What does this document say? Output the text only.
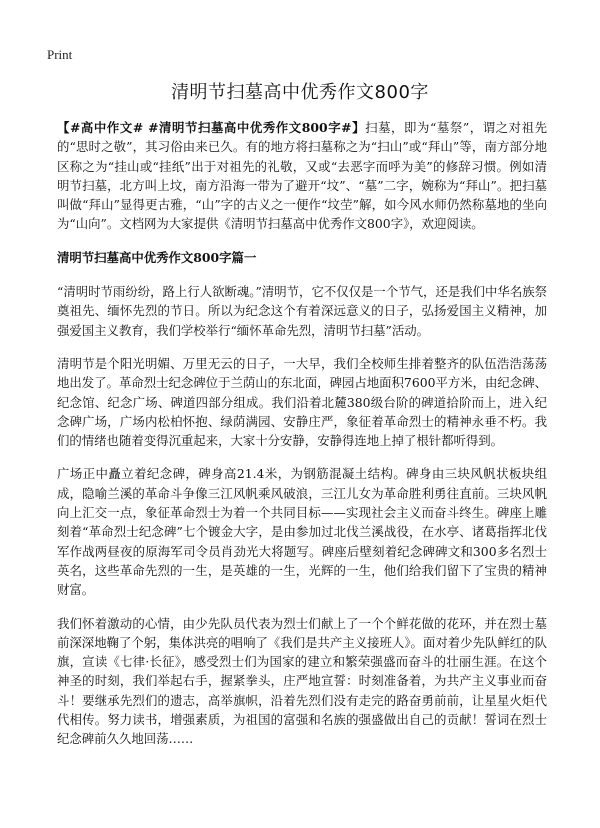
Print
清明节扫墓高中优秀作文800字

【#高中作文# #清明节扫墓高中优秀作文800字#】扫墓，即为“墓祭”，谓之对祖先的“思时之敬”，其习俗由来已久。有的地方将扫墓称之为“扫山”或“拜山”等，南方部分地区称之为“挂山或“挂纸”出于对祖先的礼敬，又或“去恶字而呼为美”的修辞习惯。例如清明节扫墓，北方叫上坟，南方沿海一带为了避开“坟”、“墓”二字，婉称为“拜山”。把扫墓叫做“拜山”显得更古雅，“山”字的古义之一便作“坟茔”解，如今风水师仍然称墓地的坐向为“山向”。文档网为大家提供《清明节扫墓高中优秀作文800字》，欢迎阅读。

清明节扫墓高中优秀作文800字篇一

“清明时节雨纷纷，路上行人欲断魂。”清明节，它不仅仅是一个节气，还是我们中华名族祭奠祖先、缅怀先烈的节日。所以为纪念这个有着深远意义的日子，弘扬爱国主义精神，加强爱国主义教育，我们学校举行“缅怀革命先烈，清明节扫墓”活动。

清明节是个阳光明媚、万里无云的日子，一大早，我们全校师生排着整齐的队伍浩浩荡荡地出发了。革命烈士纪念碑位于兰荫山的东北面，碑园占地面积7600平方米，由纪念碑、纪念馆、纪念广场、碑道四部分组成。我们沿着北麓380级台阶的碑道拾阶而上，进入纪念碑广场，广场内松柏怀抱、绿荫满园、安静庄严，象征着革命烈士的精神永垂不朽。我们的情绪也随着变得沉重起来，大家十分安静，安静得连地上掉了根针都听得到。

广场正中矗立着纪念碑，碑身高21.4米，为钢筋混凝土结构。碑身由三块风帆状板块组成，隐喻兰溪的革命斗争像三江风帆乘风破浪，三江儿女为革命胜利勇往直前。三块风帆向上汇交一点，象征革命烈士为着一个共同目标——实现社会主义而奋斗终生。碑座上雕刻着“革命烈士纪念碑”七个镀金大字，是由参加过北伐兰溪战役，在水亭、诸葛指挥北伐军作战两昼夜的原海军司令员肖劲光大将题写。碑座后壁刻着纪念碑碑文和300多名烈士英名，这些革命先烈的一生，是英雄的一生，光辉的一生，他们给我们留下了宝贵的精神财富。

我们怀着激动的心情，由少先队员代表为烈士们献上了一个个鲜花做的花环，并在烈士墓前深深地鞠了个躬，集体洪亮的唱响了《我们是共产主义接班人》。面对着少先队鲜红的队旗，宣读《七律·长征》，感受烈士们为国家的建立和繁荣强盛而奋斗的壮丽生涯。在这个神圣的时刻，我们举起右手，握紧拳头，庄严地宣誓：时刻准备着，为共产主义事业而奋斗！要继承先烈们的遗志，高举旗帜，沿着先烈们没有走完的路奋勇前前，让星星火炬代代相传。努力读书，增强素质，为祖国的富强和名族的强盛做出自己的贡献！誓词在烈士纪念碑前久久地回荡……
